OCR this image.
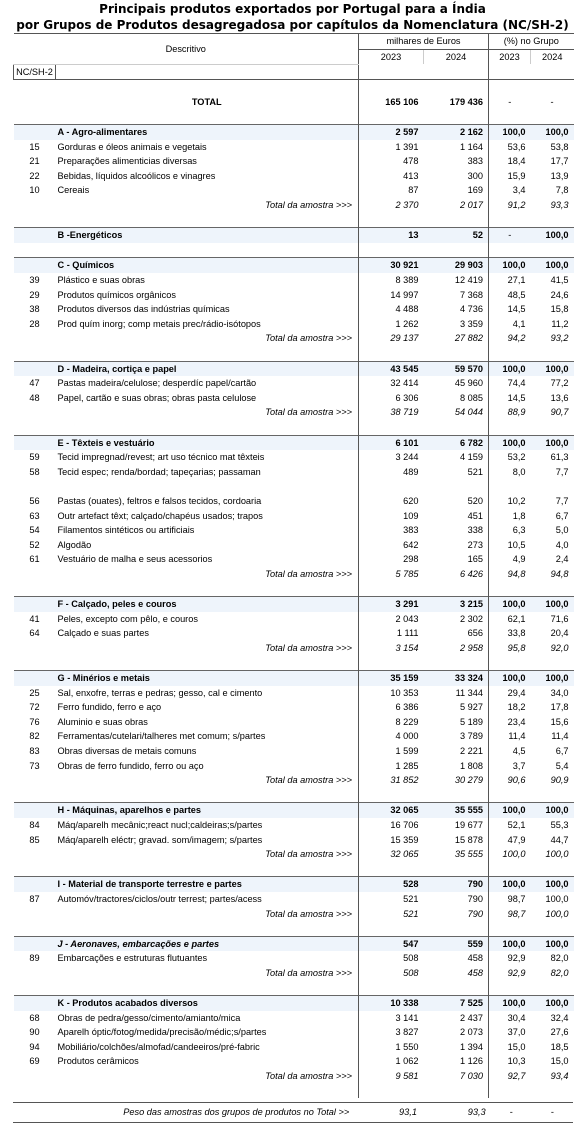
Principais produtos exportados por Portugal para a Índia
por Grupos de Produtos desagregadosa por capítulos da Nomenclatura (NC/SH-2)
Descritivo		milhares de Euros		(%) no Grupo	
		2023	2024	2023	2024
NC/SH-2					

	TOTAL	165 106	179 436	-	-

	A - Agro-alimentares	2 597	2 162	100,0	100,0
15	Gorduras e óleos animais e vegetais	1 391	1 164	53,6	53,8
21	Preparações alimenticias diversas	478	383	18,4	17,7
22	Bebidas, líquidos alcoólicos e vinagres	413	300	15,9	13,9
10	Cereais	87	169	3,4	7,8
	Total da amostra >>>	2 370	2 017	91,2	93,3

	B -Energéticos	13	52	-	100,0

	C - Químicos	30 921	29 903	100,0	100,0
39	Plástico e suas obras	8 389	12 419	27,1	41,5
29	Produtos químicos orgânicos	14 997	7 368	48,5	24,6
38	Produtos diversos das indústrias químicas	4 488	4 736	14,5	15,8
28	Prod quím inorg; comp metais prec/rádio-isótopos	1 262	3 359	4,1	11,2
	Total da amostra >>>	29 137	27 882	94,2	93,2

	D - Madeira, cortiça e papel	43 545	59 570	100,0	100,0
47	Pastas madeira/celulose; desperdíc papel/cartão	32 414	45 960	74,4	77,2
48	Papel, cartão e suas obras; obras pasta celulose	6 306	8 085	14,5	13,6
	Total da amostra >>>	38 719	54 044	88,9	90,7

	E - Têxteis e vestuário	6 101	6 782	100,0	100,0
59	Tecid impregnad/revest; art uso técnico mat têxteis	3 244	4 159	53,2	61,3
58	Tecid espec; renda/bordad; tapeçarias; passaman	489	521	8,0	7,7

56	Pastas (ouates), feltros e falsos tecidos, cordoaria	620	520	10,2	7,7
63	Outr artefact têxt; calçado/chapéus usados; trapos	109	451	1,8	6,7
54	Filamentos sintéticos ou artificiais	383	338	6,3	5,0
52	Algodão	642	273	10,5	4,0
61	Vestuário de malha e seus acessorios	298	165	4,9	2,4
	Total da amostra >>>	5 785	6 426	94,8	94,8

	F - Calçado, peles e couros	3 291	3 215	100,0	100,0
41	Peles, excepto com pêlo, e couros	2 043	2 302	62,1	71,6
64	Calçado e suas partes	1 111	656	33,8	20,4
	Total da amostra >>>	3 154	2 958	95,8	92,0

	G - Minérios e metais	35 159	33 324	100,0	100,0
25	Sal, enxofre, terras e pedras; gesso, cal e cimento	10 353	11 344	29,4	34,0
72	Ferro fundido, ferro e aço	6 386	5 927	18,2	17,8
76	Aluminio e suas obras	8 229	5 189	23,4	15,6
82	Ferramentas/cutelari/talheres met comum; s/partes	4 000	3 789	11,4	11,4
83	Obras diversas de metais comuns	1 599	2 221	4,5	6,7
73	Obras de ferro fundido, ferro ou aço	1 285	1 808	3,7	5,4
	Total da amostra >>>	31 852	30 279	90,6	90,9

	H - Máquinas, aparelhos e partes	32 065	35 555	100,0	100,0
84	Máq/aparelh mecânic;react nucl;caldeiras;s/partes	16 706	19 677	52,1	55,3
85	Máq/aparelh eléctr; gravad. som/imagem; s/partes	15 359	15 878	47,9	44,7
	Total da amostra >>>	32 065	35 555	100,0	100,0

	I - Material de transporte terrestre e partes	528	790	100,0	100,0
87	Automóv/tractores/ciclos/outr terrest; partes/acess	521	790	98,7	100,0
	Total da amostra >>>	521	790	98,7	100,0

	J - Aeronaves, embarcações e partes	547	559	100,0	100,0
89	Embarcações e estruturas flutuantes	508	458	92,9	82,0
	Total da amostra >>>	508	458	92,9	82,0

	K - Produtos acabados diversos	10 338	7 525	100,0	100,0
68	Obras de pedra/gesso/cimento/amianto/mica	3 141	2 437	30,4	32,4
90	Aparelh óptic/fotog/medida/precisão/médic;s/partes	3 827	2 073	37,0	27,6
94	Mobiliário/colchões/almofad/candeeiros/pré-fabric	1 550	1 394	15,0	18,5
69	Produtos cerâmicos	1 062	1 126	10,3	15,0
	Total da amostra >>>	9 581	7 030	92,7	93,4

Peso das amostras dos grupos de produtos no Total >>	93,1	93,3	-	-
